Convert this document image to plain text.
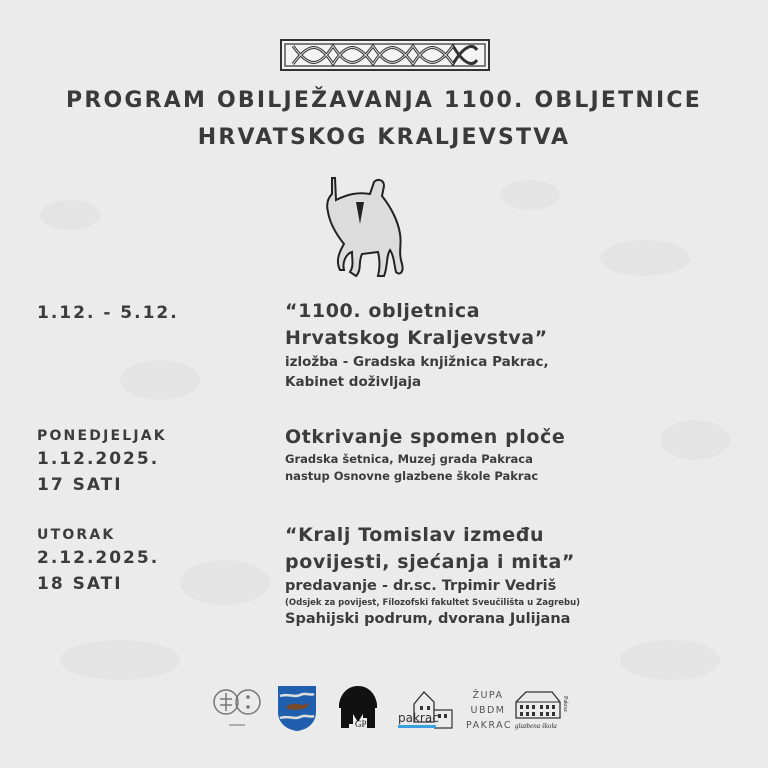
PROGRAM OBILJEŽAVANJA 1100. OBLJETNICE
HRVATSKOG KRALJEVSTVA
1.12. - 5.12.	“1100. obljetnica
Hrvatskog Kraljevstva”
izložba - Gradska knjižnica Pakrac,
Kabinet doživljaja
PONEDJELJAK
1.12.2025.
17 SATI
Otkrivanje spomen ploče
Gradska šetnica, Muzej grada Pakraca
nastup Osnovne glazbene škole Pakrac
UTORAK
2.12.2025.
18 SATI
“Kralj Tomislav između
povijesti, sjećanja i mita”
predavanje - dr.sc. Trpimir Vedriš
(Odsjek za povijest, Filozofski fakultet Sveučilišta u Zagrebu)
Spahijski podrum, dvorana Julijana
GP	pakrac
ŽUPA
UBDM
PAKRAC glazbena škola
Pakrac
